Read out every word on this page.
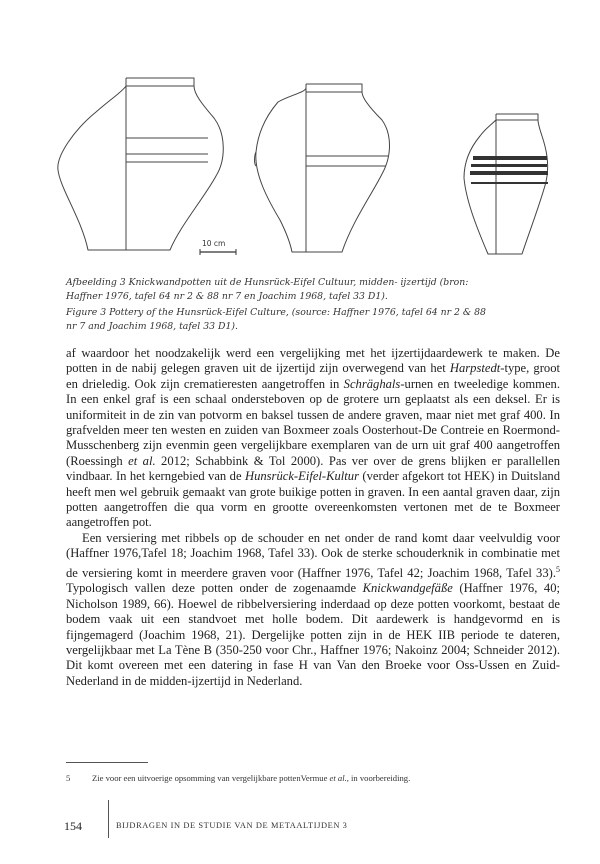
10 cm
Afbeelding 3 Knickwandpotten uit de Hunsrück-Eifel Cultuur, midden- ijzertijd (bron: Haffner 1976, tafel 64 nr 2 & 88 nr 7 en Joachim 1968, tafel 33 D1).
Figure 3 Pottery of the Hunsrück-Eifel Culture, (source: Haffner 1976, tafel 64 nr 2 & 88 nr 7 and Joachim 1968, tafel 33 D1).

af waardoor het noodzakelijk werd een vergelijking met het ijzertijdaardewerk te maken. De potten in de nabij gelegen graven uit de ijzertijd zijn overwegend van het Harpstedt-type, groot en drieledig. Ook zijn crematieresten aangetroffen in Schräghals-urnen en tweeledige kommen. In een enkel graf is een schaal ondersteboven op de grotere urn geplaatst als een deksel. Er is uniformiteit in de zin van potvorm en baksel tussen de andere graven, maar niet met graf 400. In grafvelden meer ten westen en zuiden van Boxmeer zoals Oosterhout-De Contreie en Roermond-Musschenberg zijn evenmin geen vergelijkbare exemplaren van de urn uit graf 400 aangetroffen (Roessingh et al. 2012; Schabbink & Tol 2000). Pas ver over de grens blijken er parallellen vindbaar. In het kerngebied van de Hunsrück-Eifel-Kultur (verder afgekort tot HEK) in Duitsland heeft men wel gebruik gemaakt van grote buikige potten in graven. In een aantal graven daar, zijn potten aangetroffen die qua vorm en grootte overeenkomsten vertonen met de te Boxmeer aangetroffen pot.

Een versiering met ribbels op de schouder en net onder de rand komt daar veelvuldig voor (Haffner 1976,Tafel 18; Joachim 1968, Tafel 33). Ook de sterke schouderknik in combinatie met de versiering komt in meerdere graven voor (Haffner 1976, Tafel 42; Joachim 1968, Tafel 33).$^5$ Typologisch vallen deze potten onder de zogenaamde Knickwandgefäße (Haffner 1976, 40; Nicholson 1989, 66). Hoewel de ribbelversiering inderdaad op deze potten voorkomt, bestaat de bodem vaak uit een standvoet met holle bodem. Dit aardewerk is handgevormd en is fijngemagerd (Joachim 1968, 21). Dergelijke potten zijn in de HEK IIB periode te dateren, vergelijkbaar met La Tène B (350-250 voor Chr., Haffner 1976; Nakoinz 2004; Schneider 2012). Dit komt overeen met een datering in fase H van Van den Broeke voor Oss-Ussen en Zuid-Nederland in de midden-ijzertijd in Nederland.

5	Zie voor een uitvoerige opsomming van vergelijkbare pottenVermue et al., in voorbereiding.
154	BIJDRAGEN IN DE STUDIE VAN DE METAALTIJDEN 3
